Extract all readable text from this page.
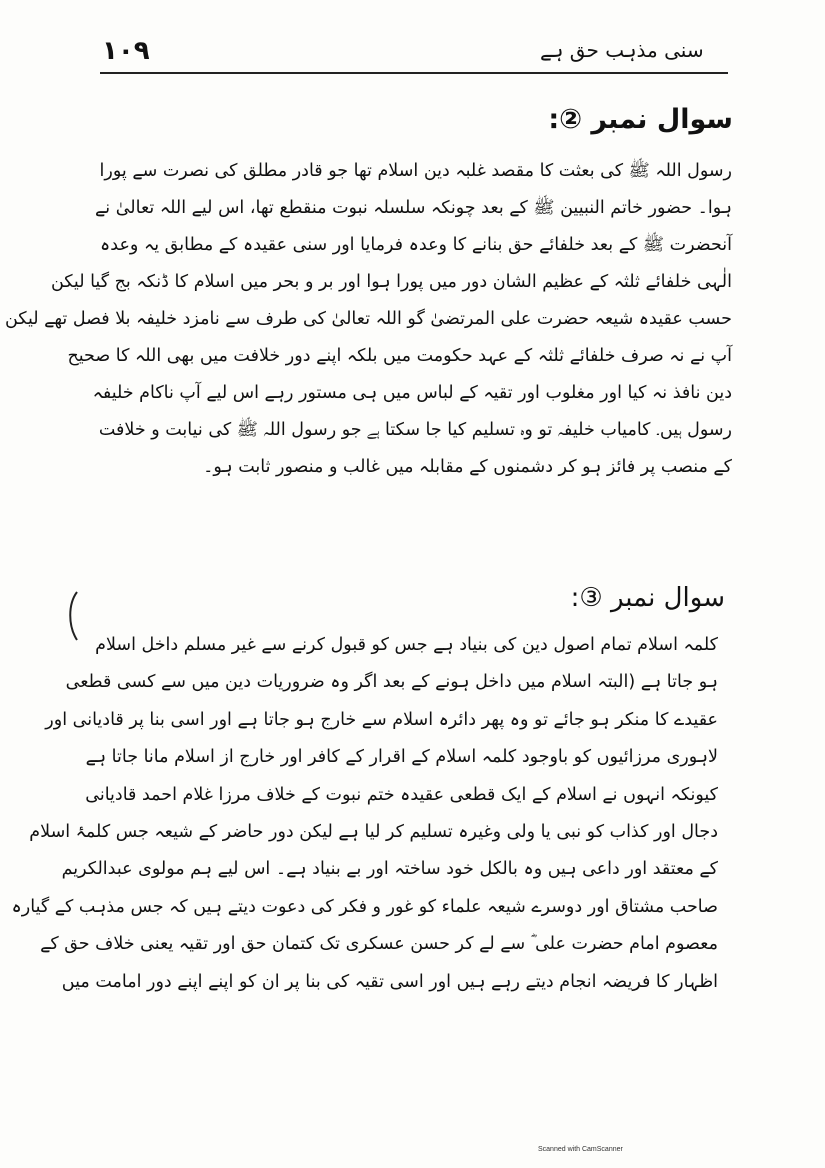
۱۰۹	سنی مذہب حق ہے
سوال نمبر ②:
رسول اللہ ﷺ کی بعثت کا مقصد غلبہ دین اسلام تھا جو قادر مطلق کی نصرت سے پورا
ہوا۔ حضور خاتم النبیین ﷺ کے بعد چونکہ سلسلہ نبوت منقطع تھا، اس لیے اللہ تعالیٰ نے
آنحضرت ﷺ کے بعد خلفائے حق بنانے کا وعدہ فرمایا اور سنی عقیدہ کے مطابق یہ وعدہ
الٰہی خلفائے ثلثہ کے عظیم الشان دور میں پورا ہوا اور بر و بحر میں اسلام کا ڈنکہ بج گیا لیکن
حسب عقیدہ شیعہ حضرت علی المرتضیٰ گو اللہ تعالیٰ کی طرف سے نامزد خلیفہ بلا فصل تھے لیکن
آپ نے نہ صرف خلفائے ثلثہ کے عہد حکومت میں بلکہ اپنے دور خلافت میں بھی اللہ کا صحیح
دین نافذ نہ کیا اور مغلوب اور تقیہ کے لباس میں ہی مستور رہے اس لیے آپ ناکام خلیفہ
رسول ہیں۔ کامیاب خلیفہ تو وہ تسلیم کیا جا سکتا ہے جو رسول اللہ ﷺ کی نیابت و خلافت
کے منصب پر فائز ہو کر دشمنوں کے مقابلہ میں غالب و منصور ثابت ہو۔
سوال نمبر ③:
کلمہ اسلام تمام اصول دین کی بنیاد ہے جس کو قبول کرنے سے غیر مسلم داخل اسلام
ہو جاتا ہے (البتہ اسلام میں داخل ہونے کے بعد اگر وہ ضروریات دین میں سے کسی قطعی
عقیدے کا منکر ہو جائے تو وہ پھر دائرہ اسلام سے خارج ہو جاتا ہے اور اسی بنا پر قادیانی اور
لاہوری مرزائیوں کو باوجود کلمہ اسلام کے اقرار کے کافر اور خارج از اسلام مانا جاتا ہے
کیونکہ انہوں نے اسلام کے ایک قطعی عقیدہ ختم نبوت کے خلاف مرزا غلام احمد قادیانی
دجال اور کذاب کو نبی یا ولی وغیرہ تسلیم کر لیا ہے لیکن دور حاضر کے شیعہ جس کلمۂ اسلام
کے معتقد اور داعی ہیں وہ بالکل خود ساختہ اور بے بنیاد ہے۔ اس لیے ہم مولوی عبدالکریم
صاحب مشتاق اور دوسرے شیعہ علماء کو غور و فکر کی دعوت دیتے ہیں کہ جس مذہب کے گیارہ
معصوم امام حضرت علی ؓ سے لے کر حسن عسکری تک کتمان حق اور تقیہ یعنی خلاف حق کے
اظہار کا فریضہ انجام دیتے رہے ہیں اور اسی تقیہ کی بنا پر ان کو اپنے اپنے دور امامت میں
Scanned with CamScanner
